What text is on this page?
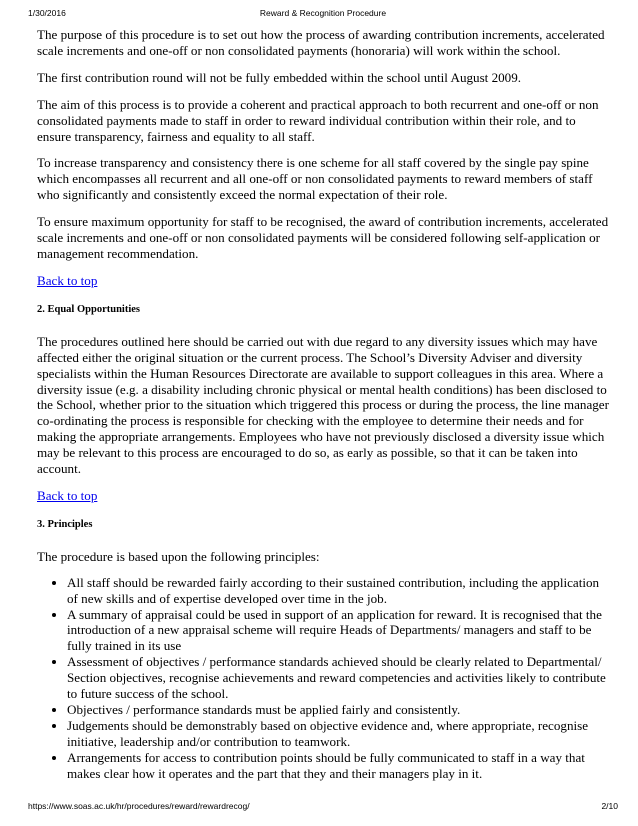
1/30/2016	Reward & Recognition Procedure

The purpose of this procedure is to set out how the process of awarding contribution increments, accelerated scale increments and one-off or non consolidated payments (honoraria) will work within the school.

The first contribution round will not be fully embedded within the school until August 2009.

The aim of this process is to provide a coherent and practical approach to both recurrent and one-off or non consolidated payments made to staff in order to reward individual contribution within their role, and to ensure transparency, fairness and equality to all staff.

To increase transparency and consistency there is one scheme for all staff covered by the single pay spine which encompasses all recurrent and all one-off or non consolidated payments to reward members of staff who significantly and consistently exceed the normal expectation of their role.

To ensure maximum opportunity for staff to be recognised, the award of contribution increments, accelerated scale increments and one-off or non consolidated payments will be considered following self-application or management recommendation.

Back to top
2. Equal Opportunities

The procedures outlined here should be carried out with due regard to any diversity issues which may have affected either the original situation or the current process. The School’s Diversity Adviser and diversity specialists within the Human Resources Directorate are available to support colleagues in this area. Where a diversity issue (e.g. a disability including chronic physical or mental health conditions) has been disclosed to the School, whether prior to the situation which triggered this process or during the process, the line manager co-ordinating the process is responsible for checking with the employee to determine their needs and for making the appropriate arrangements. Employees who have not previously disclosed a diversity issue which may be relevant to this process are encouraged to do so, as early as possible, so that it can be taken into account.

Back to top
3. Principles

The procedure is based upon the following principles:

• All staff should be rewarded fairly according to their sustained contribution, including the application of new skills and of expertise developed over time in the job.
• A summary of appraisal could be used in support of an application for reward. It is recognised that the introduction of a new appraisal scheme will require Heads of Departments/ managers and staff to be fully trained in its use
• Assessment of objectives / performance standards achieved should be clearly related to Departmental/ Section objectives, recognise achievements and reward competencies and activities likely to contribute to future success of the school.
• Objectives / performance standards must be applied fairly and consistently.
• Judgements should be demonstrably based on objective evidence and, where appropriate, recognise initiative, leadership and/or contribution to teamwork.
• Arrangements for access to contribution points should be fully communicated to staff in a way that makes clear how it operates and the part that they and their managers play in it.
https://www.soas.ac.uk/hr/procedures/reward/rewardrecog/	2/10
